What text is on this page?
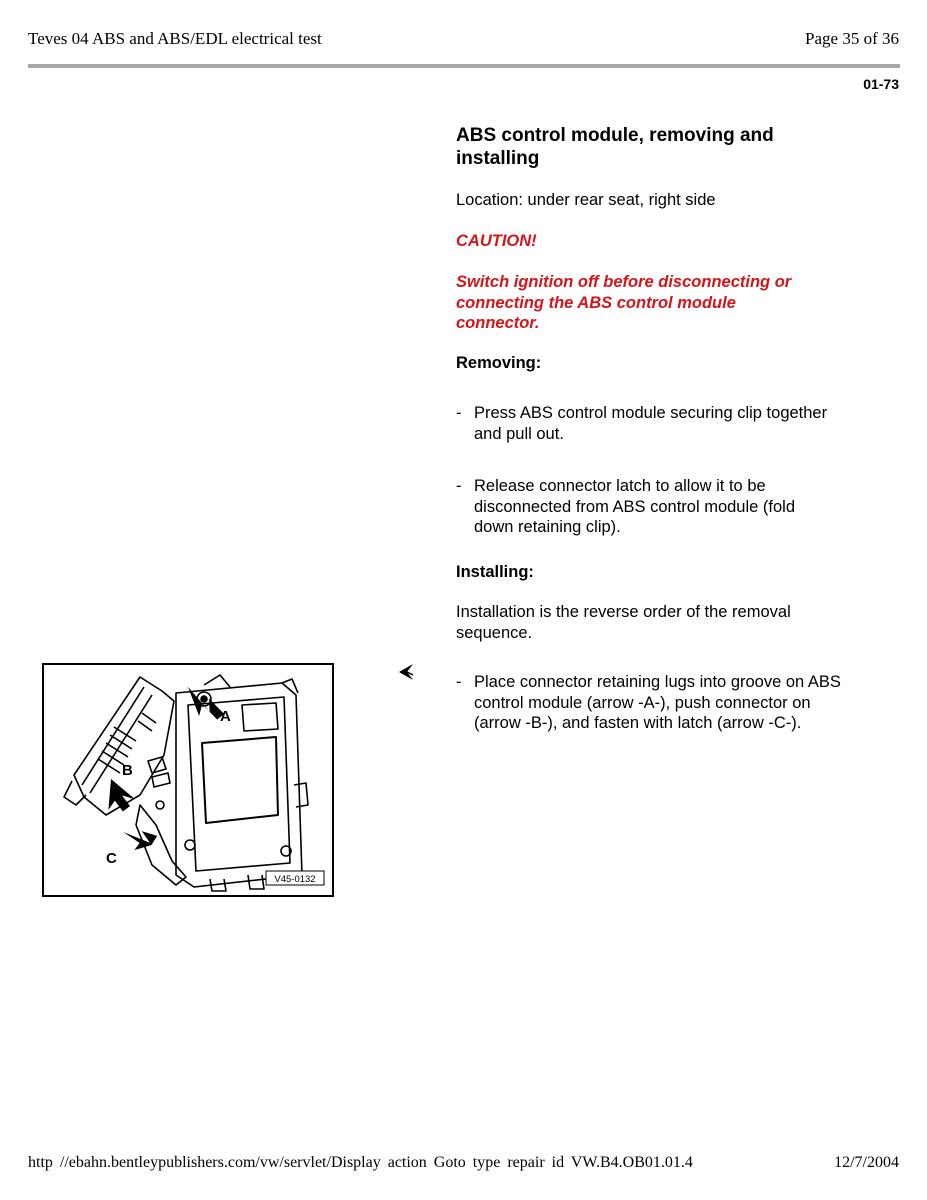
Teves 04 ABS and ABS/EDL electrical test	Page 35 of 36
01-73
ABS control module, removing and
installing
Location: under rear seat, right side
CAUTION!
Switch ignition off before disconnecting or
connecting the ABS control module
connector.
Removing:
- Press ABS control module securing clip together
and pull out.
- Release connector latch to allow it to be
disconnected from ABS control module (fold
down retaining clip).
Installing:
Installation is the reverse order of the removal
sequence.
- Place connector retaining lugs into groove on ABS
control module (arrow -A-), push connector on
(arrow -B-), and fasten with latch (arrow -C-).
A
B
C
V45-0132
http //ebahn.bentleypublishers.com/vw/servlet/Display action Goto type repair id VW.B4.OB01.01.4	12/7/2004
